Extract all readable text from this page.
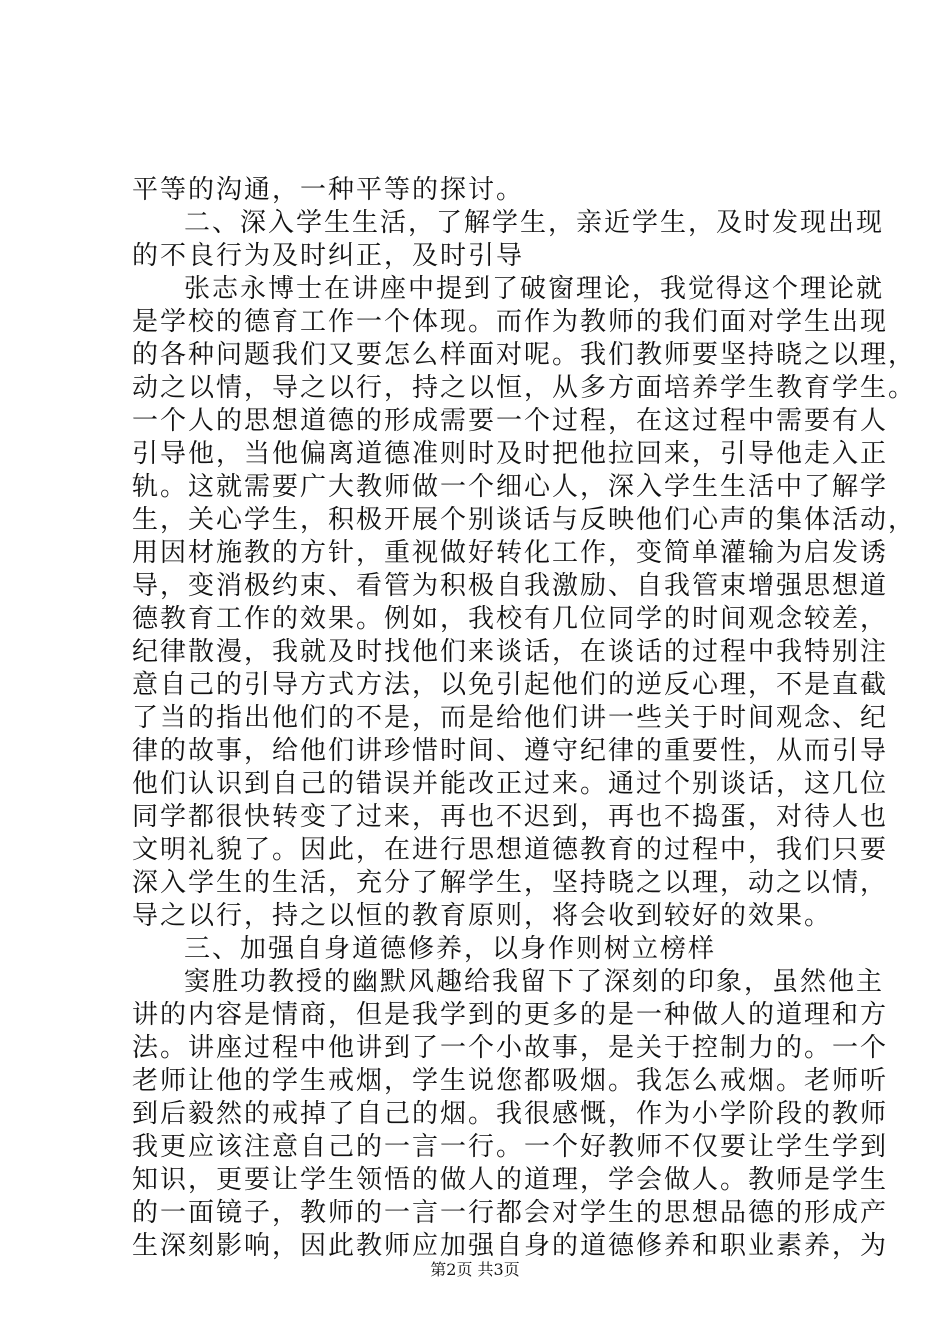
平等的沟通，一种平等的探讨。
二、深入学生生活，了解学生，亲近学生，及时发现出现
的不良行为及时纠正，及时引导
张志永博士在讲座中提到了破窗理论，我觉得这个理论就
是学校的德育工作一个体现。而作为教师的我们面对学生出现
的各种问题我们又要怎么样面对呢。我们教师要坚持晓之以理，
动之以情，导之以行，持之以恒，从多方面培养学生教育学生。
一个人的思想道德的形成需要一个过程，在这过程中需要有人
引导他，当他偏离道德准则时及时把他拉回来，引导他走入正
轨。这就需要广大教师做一个细心人，深入学生生活中了解学
生，关心学生，积极开展个别谈话与反映他们心声的集体活动，
用因材施教的方针，重视做好转化工作，变简单灌输为启发诱
导，变消极约束、看管为积极自我激励、自我管束增强思想道
德教育工作的效果。例如，我校有几位同学的时间观念较差，
纪律散漫，我就及时找他们来谈话，在谈话的过程中我特别注
意自己的引导方式方法，以免引起他们的逆反心理，不是直截
了当的指出他们的不是，而是给他们讲一些关于时间观念、纪
律的故事，给他们讲珍惜时间、遵守纪律的重要性，从而引导
他们认识到自己的错误并能改正过来。通过个别谈话，这几位
同学都很快转变了过来，再也不迟到，再也不捣蛋，对待人也
文明礼貌了。因此，在进行思想道德教育的过程中，我们只要
深入学生的生活，充分了解学生，坚持晓之以理，动之以情，
导之以行，持之以恒的教育原则，将会收到较好的效果。
三、加强自身道德修养，以身作则树立榜样
窦胜功教授的幽默风趣给我留下了深刻的印象，虽然他主
讲的内容是情商，但是我学到的更多的是一种做人的道理和方
法。讲座过程中他讲到了一个小故事，是关于控制力的。一个
老师让他的学生戒烟，学生说您都吸烟。我怎么戒烟。老师听
到后毅然的戒掉了自己的烟。我很感慨，作为小学阶段的教师
我更应该注意自己的一言一行。一个好教师不仅要让学生学到
知识，更要让学生领悟的做人的道理，学会做人。教师是学生
的一面镜子，教师的一言一行都会对学生的思想品德的形成产
生深刻影响，因此教师应加强自身的道德修养和职业素养，为
第2页 共3页
